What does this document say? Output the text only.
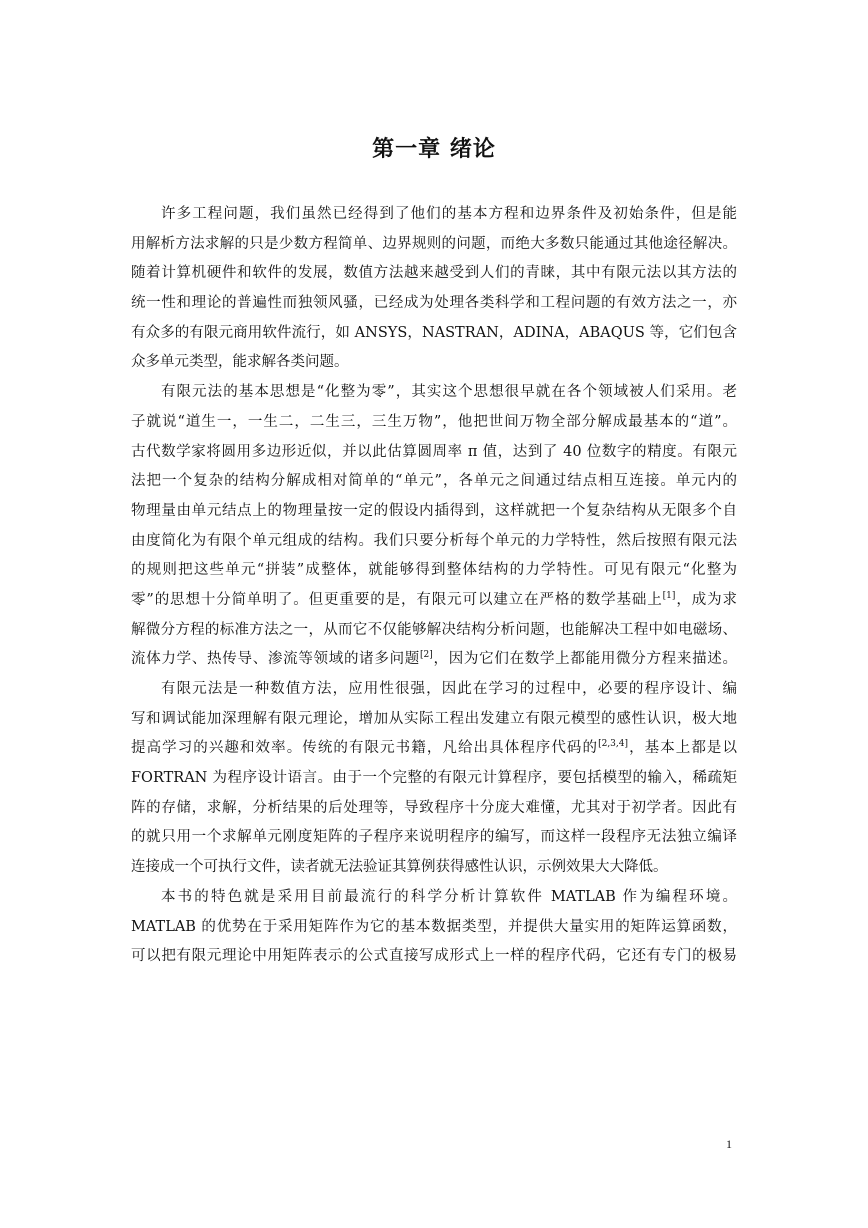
第一章 绪论
许多工程问题，我们虽然已经得到了他们的基本方程和边界条件及初始条件，但是能
用解析方法求解的只是少数方程简单、边界规则的问题，而绝大多数只能通过其他途径解决。
随着计算机硬件和软件的发展，数值方法越来越受到人们的青睐，其中有限元法以其方法的
统一性和理论的普遍性而独领风骚，已经成为处理各类科学和工程问题的有效方法之一，亦
有众多的有限元商用软件流行，如 ANSYS，NASTRAN，ADINA，ABAQUS 等，它们包含
众多单元类型，能求解各类问题。
有限元法的基本思想是“化整为零”，其实这个思想很早就在各个领域被人们采用。老
子就说“道生一，一生二，二生三，三生万物”，他把世间万物全部分解成最基本的“道”。
古代数学家将圆用多边形近似，并以此估算圆周率 π 值，达到了 40 位数字的精度。有限元
法把一个复杂的结构分解成相对简单的“单元”，各单元之间通过结点相互连接。单元内的
物理量由单元结点上的物理量按一定的假设内插得到，这样就把一个复杂结构从无限多个自
由度简化为有限个单元组成的结构。我们只要分析每个单元的力学特性，然后按照有限元法
的规则把这些单元“拼装”成整体，就能够得到整体结构的力学特性。可见有限元“化整为
零”的思想十分简单明了。但更重要的是，有限元可以建立在严格的数学基础上[1]，成为求
解微分方程的标准方法之一，从而它不仅能够解决结构分析问题，也能解决工程中如电磁场、
流体力学、热传导、渗流等领域的诸多问题[2]，因为它们在数学上都能用微分方程来描述。
有限元法是一种数值方法，应用性很强，因此在学习的过程中，必要的程序设计、编
写和调试能加深理解有限元理论，增加从实际工程出发建立有限元模型的感性认识，极大地
提高学习的兴趣和效率。传统的有限元书籍，凡给出具体程序代码的[2,3,4]，基本上都是以
FORTRAN 为程序设计语言。由于一个完整的有限元计算程序，要包括模型的输入，稀疏矩
阵的存储，求解，分析结果的后处理等，导致程序十分庞大难懂，尤其对于初学者。因此有
的就只用一个求解单元刚度矩阵的子程序来说明程序的编写，而这样一段程序无法独立编译
连接成一个可执行文件，读者就无法验证其算例获得感性认识，示例效果大大降低。
本书的特色就是采用目前最流行的科学分析计算软件 MATLAB 作为编程环境。
MATLAB 的优势在于采用矩阵作为它的基本数据类型，并提供大量实用的矩阵运算函数，
可以把有限元理论中用矩阵表示的公式直接写成形式上一样的程序代码，它还有专门的极易
1
